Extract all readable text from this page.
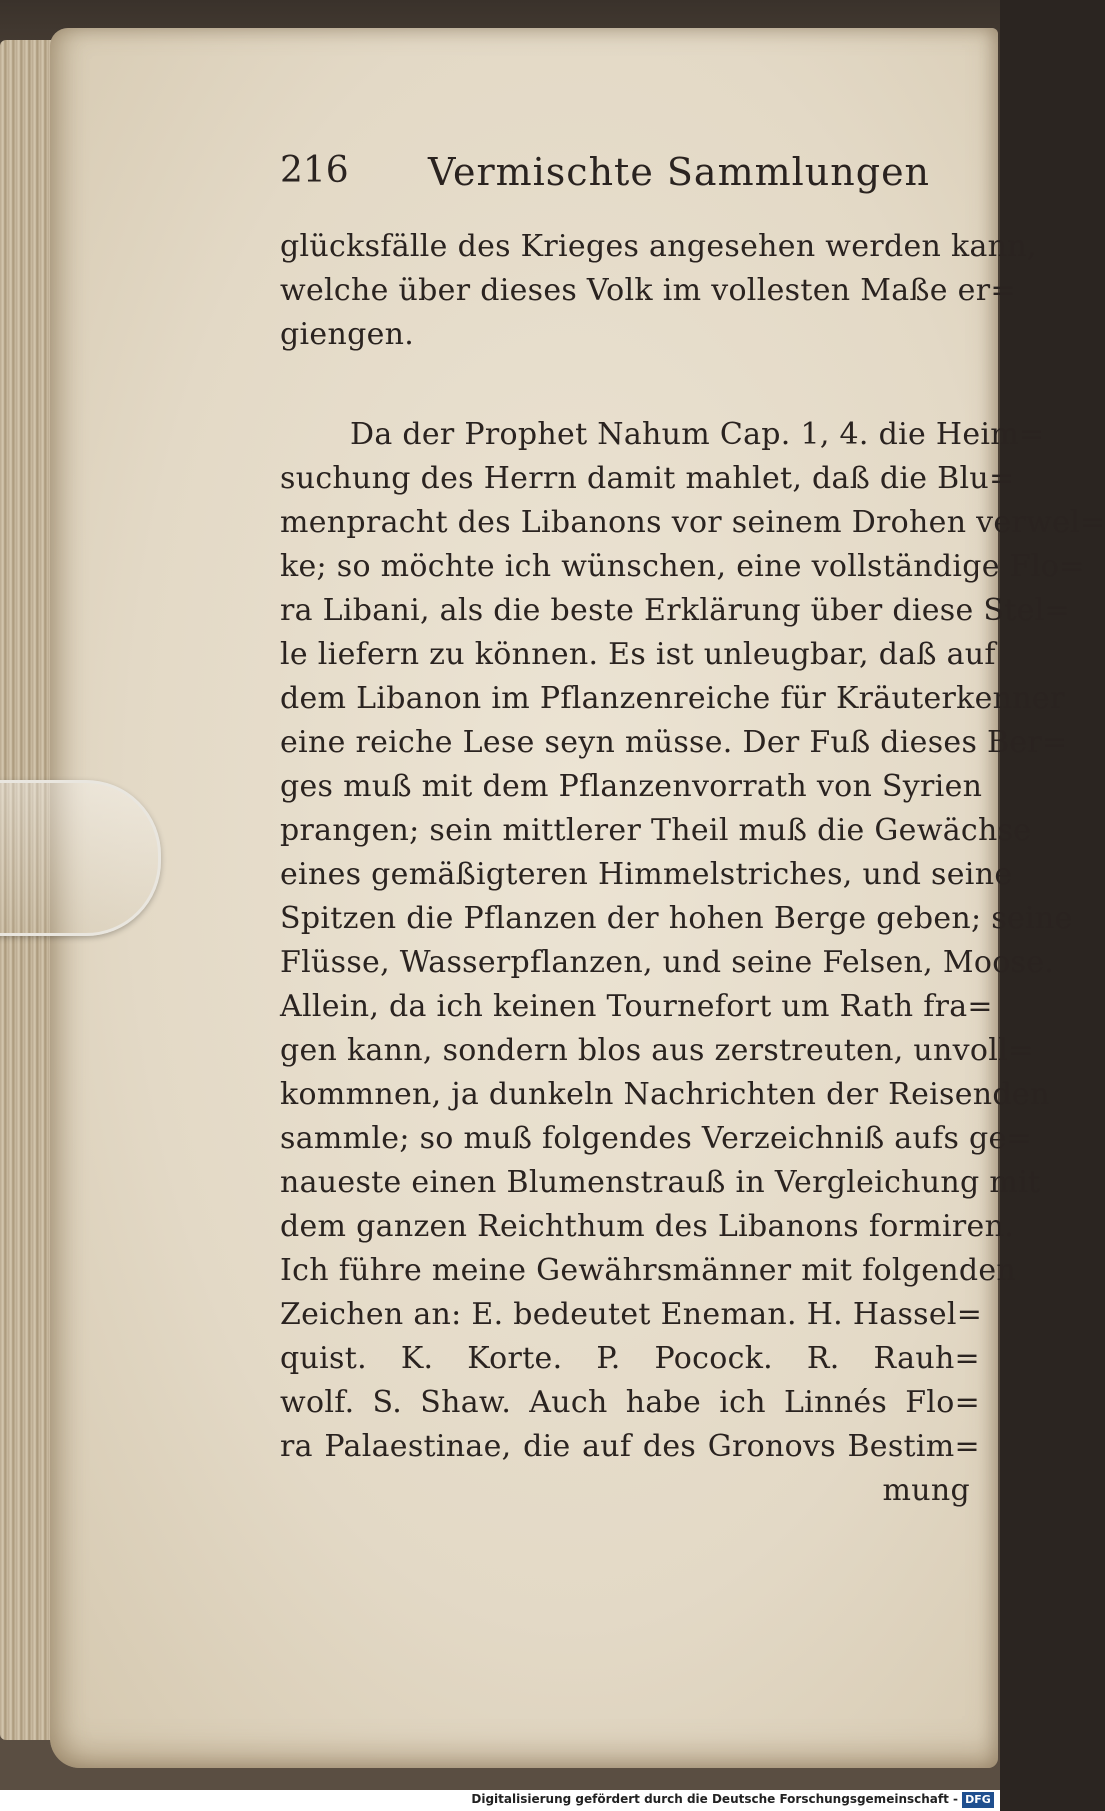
216 Vermischte Sammlungen
glücksfälle des Krieges angesehen werden kann,
welche über dieses Volk im vollesten Maße er=
giengen.
Da der Prophet Nahum Cap. 1, 4. die Heim=
suchung des Herrn damit mahlet, daß die Blu=
menpracht des Libanons vor seinem Drohen verwel=
ke; so möchte ich wünschen, eine vollständige Flo=
ra Libani, als die beste Erklärung über diese Stel=
le liefern zu können. Es ist unleugbar, daß auf
dem Libanon im Pflanzenreiche für Kräuterkenner
eine reiche Lese seyn müsse. Der Fuß dieses Ber=
ges muß mit dem Pflanzenvorrath von Syrien
prangen; sein mittlerer Theil muß die Gewächse
eines gemäßigteren Himmelstriches, und seine
Spitzen die Pflanzen der hohen Berge geben; seine
Flüsse, Wasserpflanzen, und seine Felsen, Moose.
Allein, da ich keinen Tournefort um Rath fra=
gen kann, sondern blos aus zerstreuten, unvoll=
kommnen, ja dunkeln Nachrichten der Reisenden
sammle; so muß folgendes Verzeichniß aufs ge=
naueste einen Blumenstrauß in Vergleichung mit
dem ganzen Reichthum des Libanons formiren.
Ich führe meine Gewährsmänner mit folgenden
Zeichen an: E. bedeutet Eneman. H. Hassel=
quist. K. Korte. P. Pocock. R. Rauh=
wolf. S. Shaw. Auch habe ich Linnés Flo=
ra Palaestinae, die auf des Gronovs Bestim=
mung
Digitalisierung gefördert durch die Deutsche Forschungsgemeinschaft - DFG
